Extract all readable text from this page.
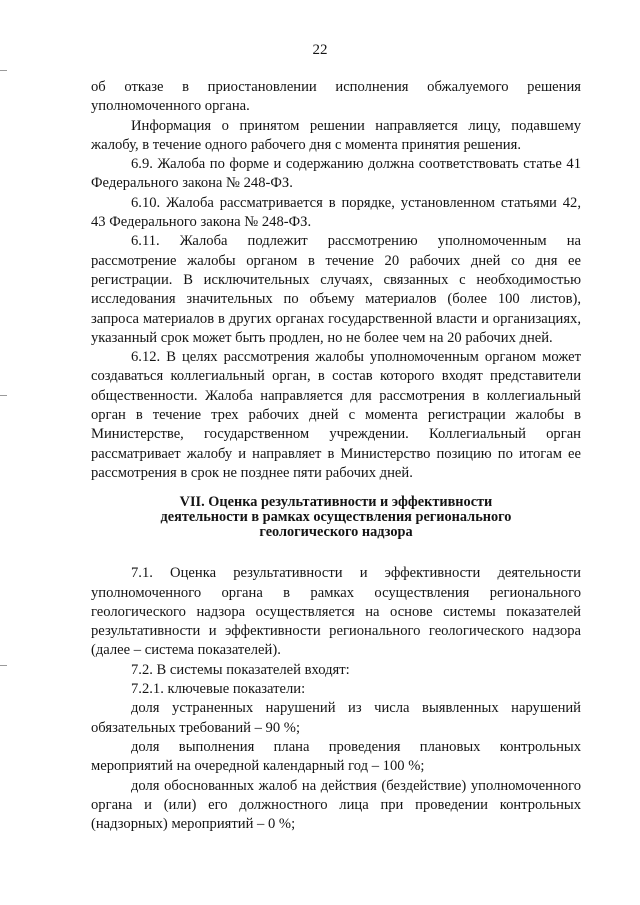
22

об отказе в приостановлении исполнения обжалуемого решения уполномоченного органа.

Информация о принятом решении направляется лицу, подавшему жалобу, в течение одного рабочего дня с момента принятия решения.

6.9. Жалоба по форме и содержанию должна соответствовать статье 41 Федерального закона № 248-ФЗ.

6.10. Жалоба рассматривается в порядке, установленном статьями 42, 43 Федерального закона № 248-ФЗ.

6.11. Жалоба подлежит рассмотрению уполномоченным на рассмотрение жалобы органом в течение 20 рабочих дней со дня ее регистрации. В исключительных случаях, связанных с необходимостью исследования значительных по объему материалов (более 100 листов), запроса материалов в других органах государственной власти и организациях, указанный срок может быть продлен, но не более чем на 20 рабочих дней.

6.12. В целях рассмотрения жалобы уполномоченным органом может создаваться коллегиальный орган, в состав которого входят представители общественности. Жалоба направляется для рассмотрения в коллегиальный орган в течение трех рабочих дней с момента регистрации жалобы в Министерстве, государственном учреждении. Коллегиальный орган рассматривает жалобу и направляет в Министерство позицию по итогам ее рассмотрения в срок не позднее пяти рабочих дней.

VII. Оценка результативности и эффективности
деятельности в рамках осуществления регионального
геологического надзора

7.1. Оценка результативности и эффективности деятельности уполномоченного органа в рамках осуществления регионального геологического надзора осуществляется на основе системы показателей результативности и эффективности регионального геологического надзора (далее – система показателей).

7.2. В системы показателей входят:

7.2.1. ключевые показатели:

доля устраненных нарушений из числа выявленных нарушений обязательных требований – 90 %;

доля выполнения плана проведения плановых контрольных мероприятий на очередной календарный год – 100 %;

доля обоснованных жалоб на действия (бездействие) уполномоченного органа и (или) его должностного лица при проведении контрольных (надзорных) мероприятий – 0 %;
